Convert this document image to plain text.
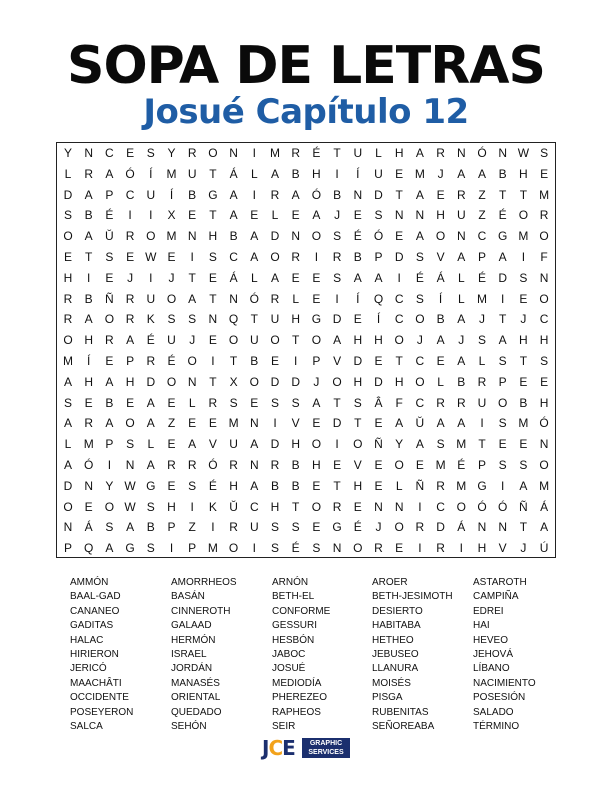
SOPA DE LETRAS
Josué Capítulo 12
Y	N	C	E	S	Y	R O N	I	M R	É	T	U	L	H	A	R	N Ó N W S
L	R	A	Ó	Í	M U	T	Á	L	A	B	H	I	Í	U	E M	J	A	A	B	H	E
D	A	P	C	U	Í	B	G	A	I	R	A	Ó	B	N	D	T	A	E	R	Z	T	T	M
S	B	É	I	I	X	E	T	A	E	L	E	A	J	E	S	N	N	H	U	Z	É	O R
O	A	Ŭ	R O M N	H	B	A	D	N O	S	É	Ó	E	A	O N	C G M O
E	T	S	E W E	I	S	C	A	O R	I	R	B	P	D	S	V	A	P	A	I	F
H	I	E	J	I	J	T	E	Á	L	A	E	E	S	A	A	I	É	Á	L	É	D	S	N
R	B	Ñ	R	U O	A	T	N Ó R	L	E	I	Í	Q C	S	Í	L	M	I	E	O
R	A	O R	K	S	S	N Q	T	U	H G D	E	Í	C O	B	A	J	T	J	C
O H	R	A	É	U	J	E	O U O	T	O	A	H	H O	J	A	J	S	A	H	H
M	Í	E	P	R	É	O	I	T	B	E	I	P	V	D	E	T	C	E	A	L	S	T	S
A	H	A	H	D O N	T	X	O D	D	J	O H	D	H O	L	B	R	P	E	E
S	E	B	E	A	E	L	R	S	E	S	S	A	T	S	Â	F	C	R	R	U O	B	H
A	R	A	O	A	Z	E	E M N	I	V	E	D	T	E	A	Ŭ	A	A	I	S M Ó
L	M P	S	L	E	A	V	U	A	D	H O	I	O Ñ	Y	A	S M	T	E	E	N
A	Ó	I	N	A	R	R Ó R	N	R	B	H	E	V	E	O	E M É	P	S	S	O
D	N	Y W G	E	S	É	H	A	B	B	E	T	H	E	L	Ñ	R M G	I	A M
O	E	O W S	H	I	K	Ŭ	C	H	T	O R	E	N	N	I	C O Ó Ó Ñ	Á
N	Á	S	A	B	P	Z	I	R	U	S	S	E	G	É	J	O R	D	Á	N	N	T	A
P	Q	A	G	S	I	P M O	I	S	É	S	N O R	E	I	R	I	H	V	J	Ú
AMMÓN	AMORRHEOS	ARNÓN	AROER	ASTAROTH
BAAL-GAD	BASÁN	BETH-EL	BETH-JESIMOTH CAMPIÑA
CANANEO	CINNEROTH	CONFORME	DESIERTO	EDREI
GADITAS	GALAAD	GESSURI	HABITABA	HAI
HALAC	HERMÓN	HESBÓN	HETHEO	HEVEO
HIRIERON	ISRAEL	JABOC	JEBUSEO	JEHOVÁ
JERICÓ	JORDÁN	JOSUÉ	LLANURA	LÍBANO
MAACHÂTI	MANASÉS	MEDIODÍA	MOISÉS	NACIMIENTO
OCCIDENTE	ORIENTAL	PHEREZEO	PISGA	POSESIÓN
POSEYERON	QUEDADO	RAPHEOS	RUBENITAS	SALADO
SALCA	SEHÓN	SEIR	SEÑOREABA	TÉRMINO
JCE	GRAPHIC
SERVICES
